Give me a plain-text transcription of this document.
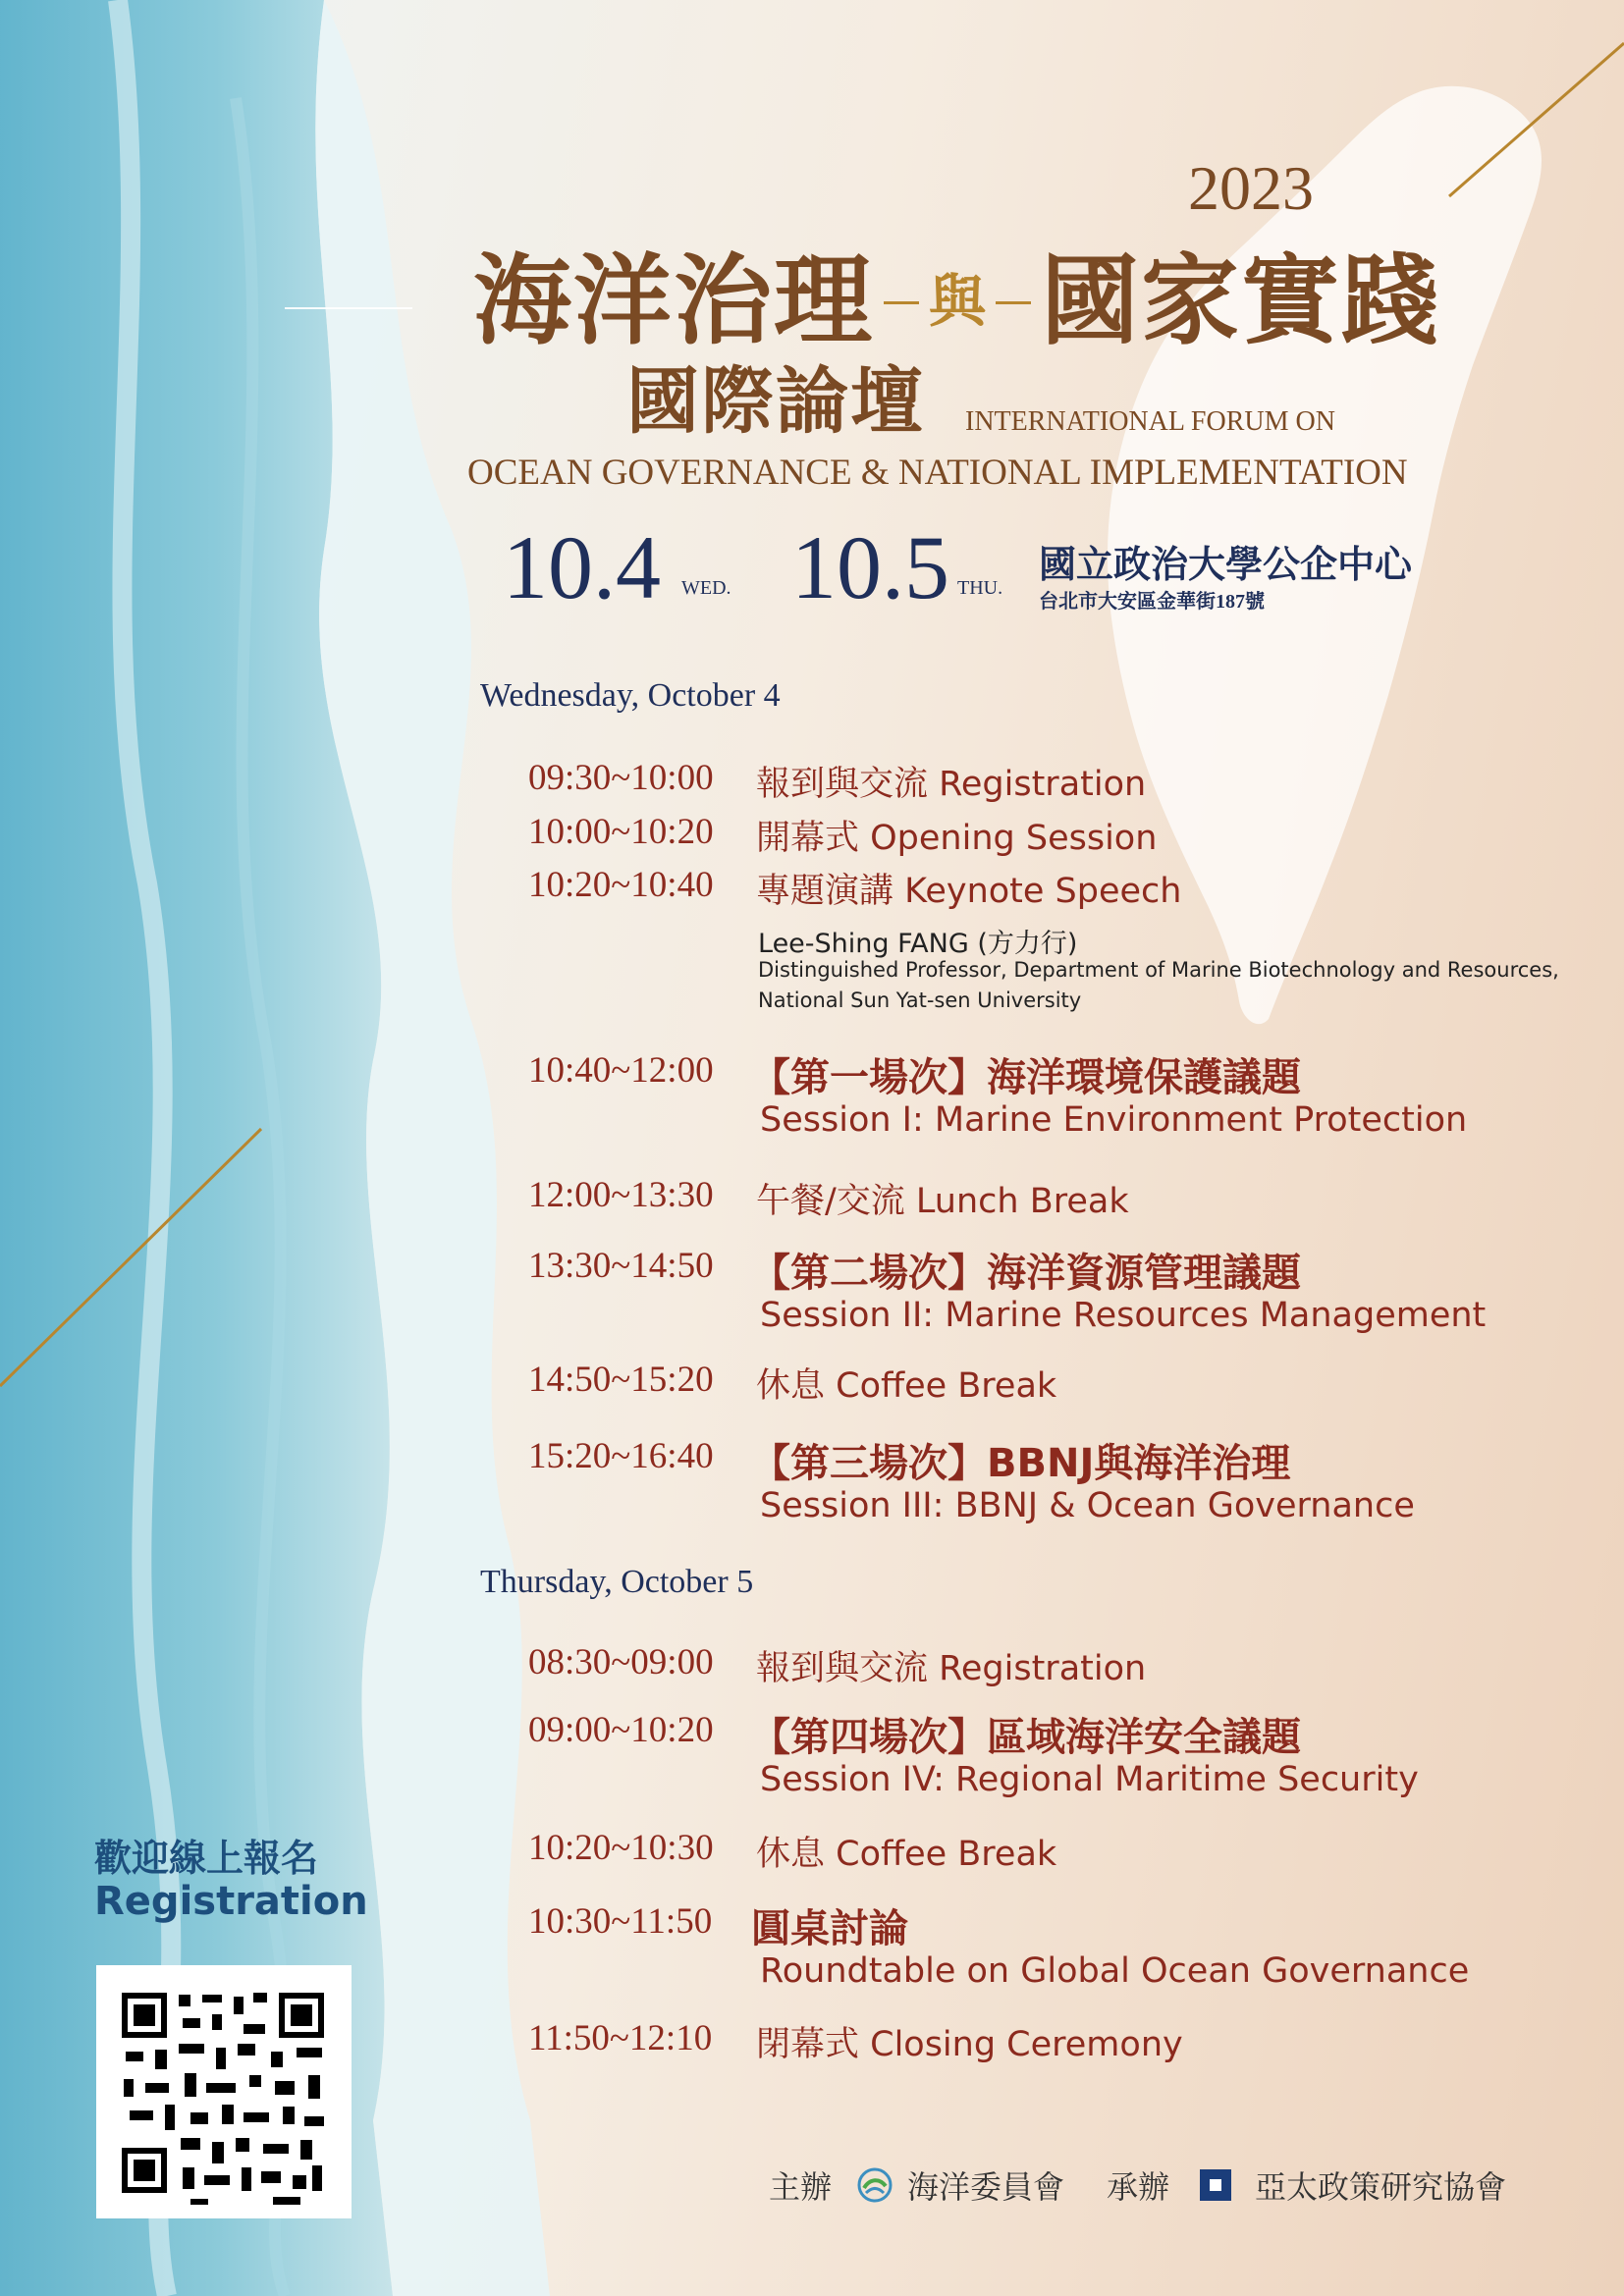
2023
海洋治理 與 國家實踐
國際論壇 INTERNATIONAL FORUM ON
OCEAN GOVERNANCE & NATIONAL IMPLEMENTATION
10.4 WED. 10.5 THU.
國立政治大學公企中心
台北市大安區金華街187號
Wednesday, October 4
09:30~10:00 報到與交流 Registration
10:00~10:20 開幕式 Opening Session
10:20~10:40 專題演講 Keynote Speech
Lee-Shing FANG (方力行)
Distinguished Professor, Department of Marine Biotechnology and Resources,
National Sun Yat-sen University
10:40~12:00 【第一場次】海洋環境保護議題
Session I: Marine Environment Protection
12:00~13:30 午餐/交流 Lunch Break
13:30~14:50 【第二場次】海洋資源管理議題
Session II: Marine Resources Management
14:50~15:20 休息 Coffee Break
15:20~16:40 【第三場次】BBNJ與海洋治理
Session III: BBNJ & Ocean Governance
Thursday, October 5
08:30~09:00 報到與交流 Registration
09:00~10:20 【第四場次】區域海洋安全議題
Session IV: Regional Maritime Security
10:20~10:30 休息 Coffee Break
10:30~11:50 圓桌討論
Roundtable on Global Ocean Governance
11:50~12:10 閉幕式 Closing Ceremony
歡迎線上報名
Registration
主辦 海洋委員會 承辦	亞太政策研究協會
